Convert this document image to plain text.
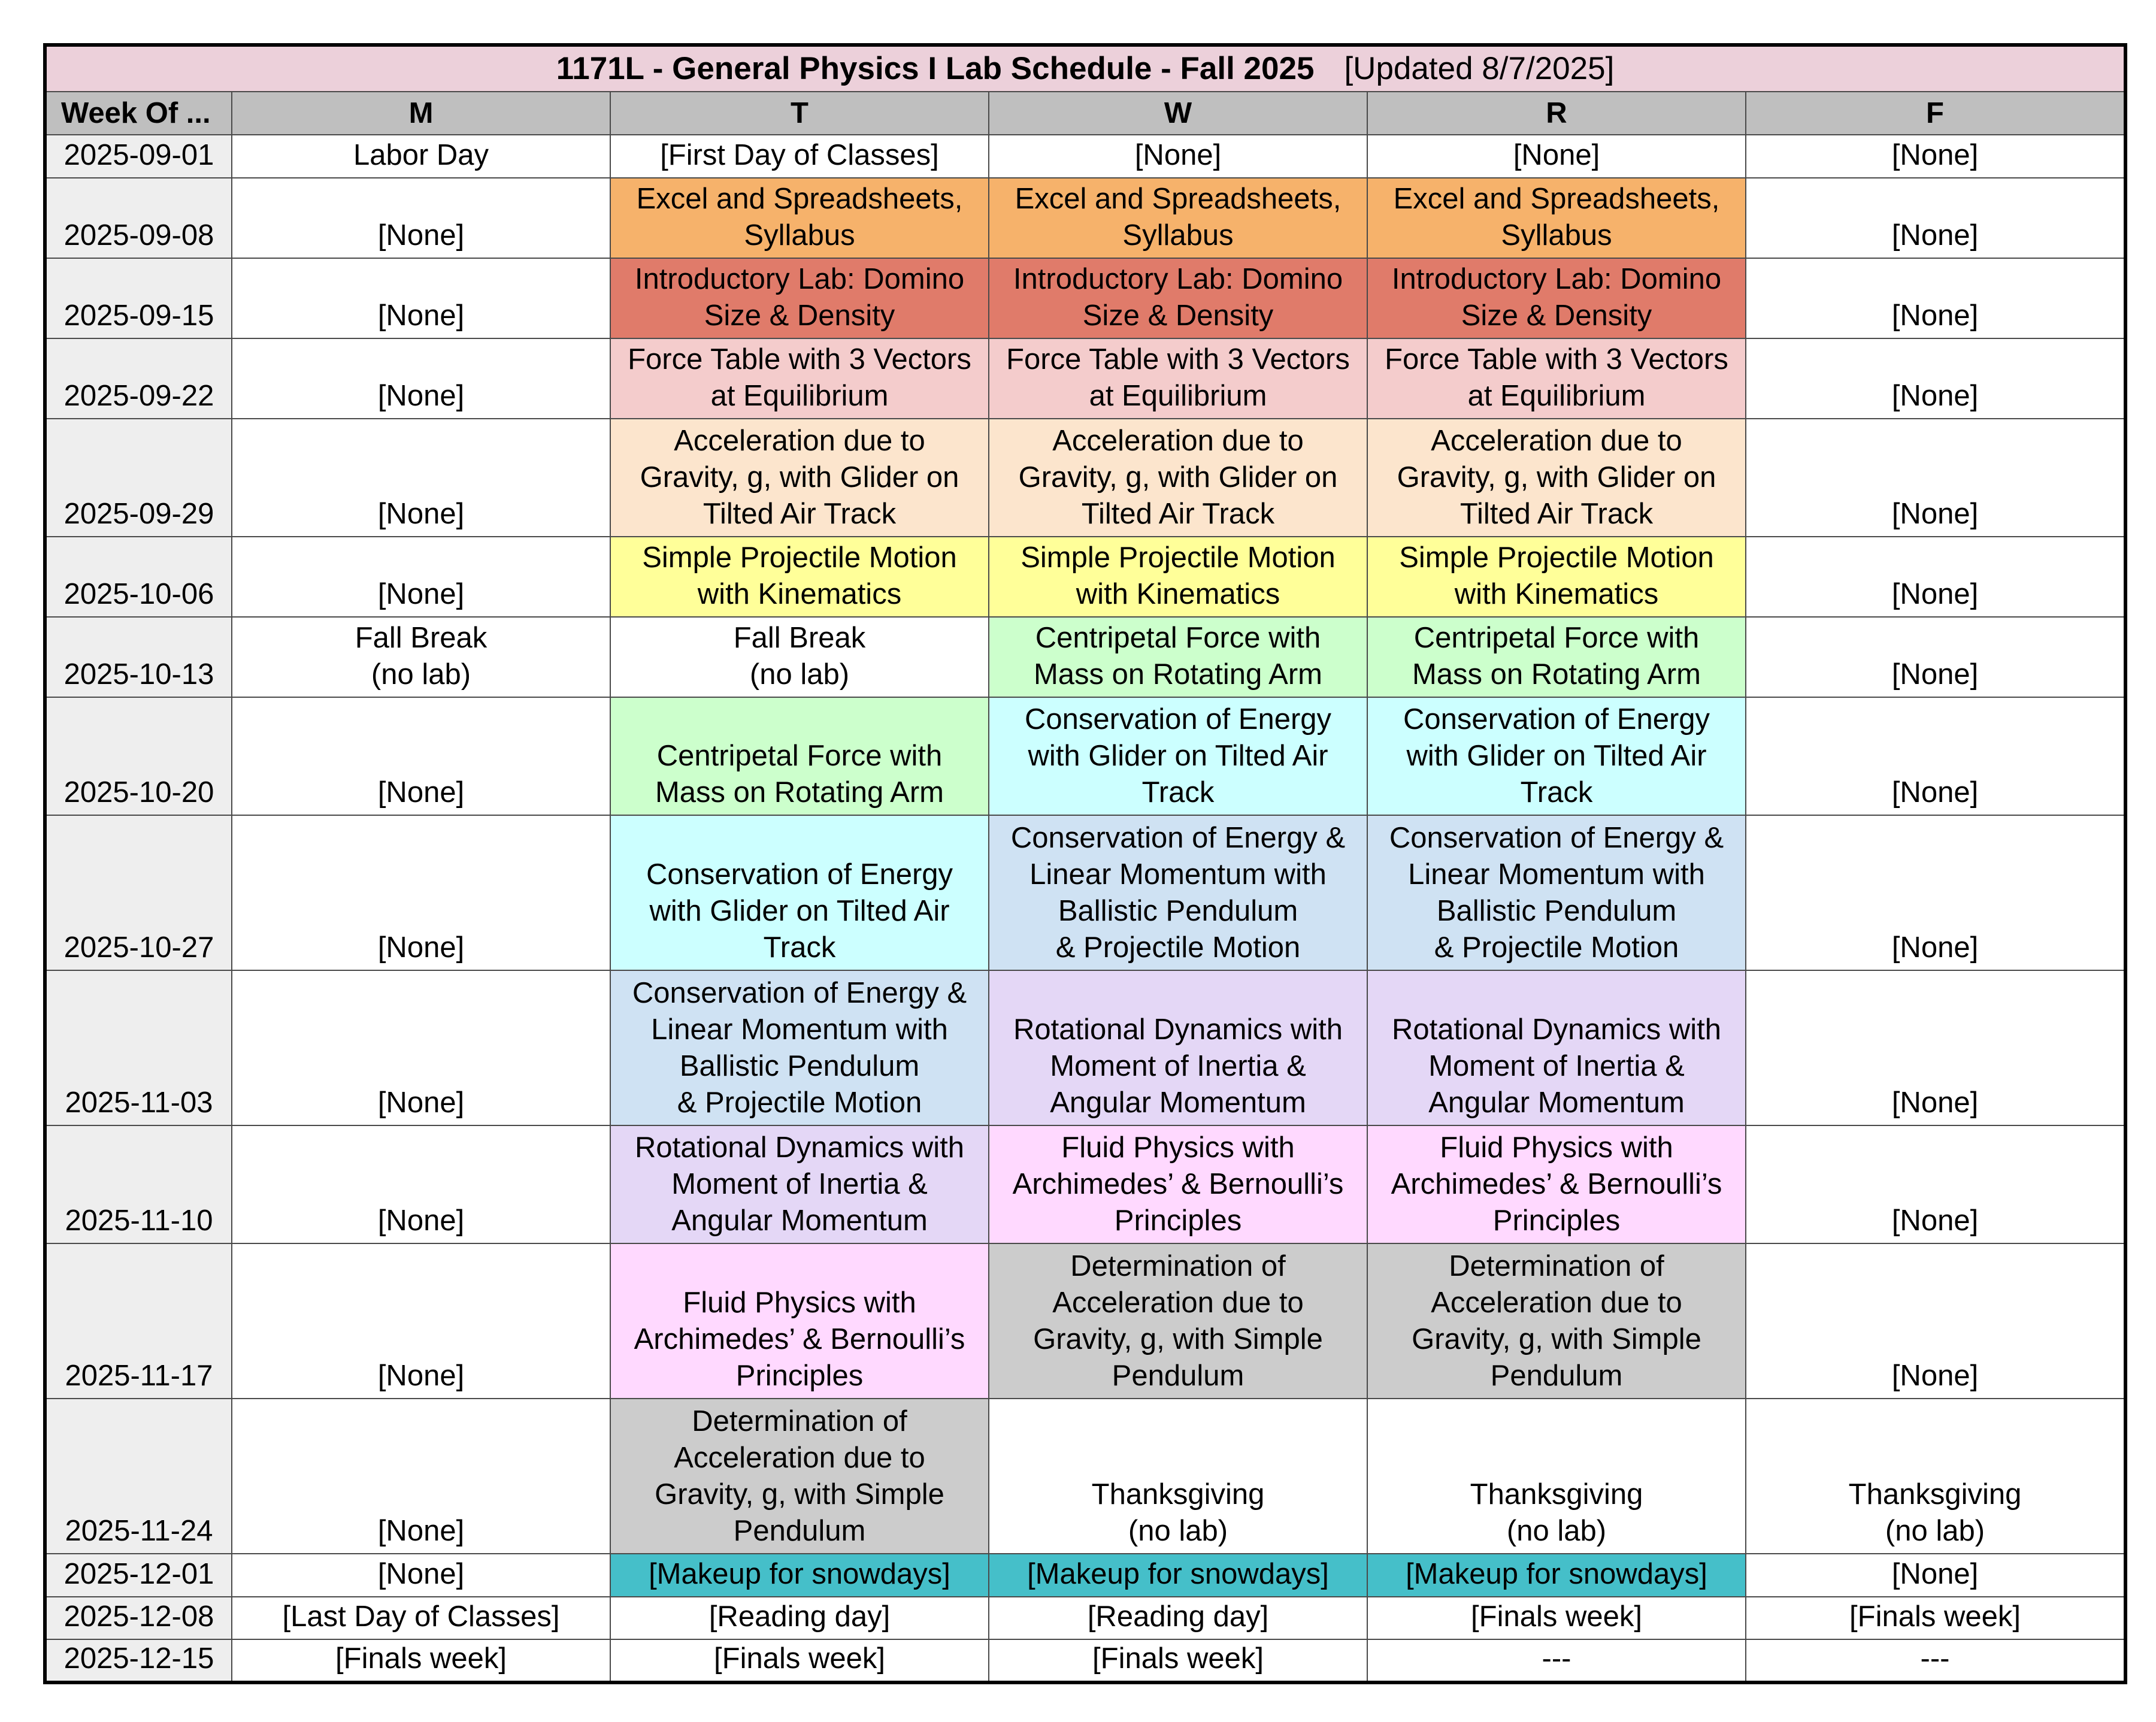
1171L - General Physics I Lab Schedule - Fall 2025 [Updated 8/7/2025]					
Week Of ...	M	T	W	R	F
2025-09-01	Labor Day	[First Day of Classes]	[None]	[None]	[None]

2025-09-08	[None]	Excel and Spreadsheets,
Syllabus	Excel and Spreadsheets,
Syllabus	Excel and Spreadsheets,
Syllabus	[None]

2025-09-15	[None]	Introductory Lab: Domino
Size & Density	Introductory Lab: Domino
Size & Density	Introductory Lab: Domino
Size & Density	[None]

2025-09-22	[None]	Force Table with 3 Vectors
at Equilibrium	Force Table with 3 Vectors
at Equilibrium	Force Table with 3 Vectors
at Equilibrium	[None]

2025-09-29	[None]	Acceleration due to
Gravity, g, with Glider on
Tilted Air Track	Acceleration due to
Gravity, g, with Glider on
Tilted Air Track	Acceleration due to
Gravity, g, with Glider on
Tilted Air Track	[None]

2025-10-06	[None]	Simple Projectile Motion
with Kinematics	Simple Projectile Motion
with Kinematics	Simple Projectile Motion
with Kinematics	[None]

2025-10-13	Fall Break
(no lab)	Fall Break
(no lab)	Centripetal Force with
Mass on Rotating Arm	Centripetal Force with
Mass on Rotating Arm	[None]

2025-10-20	[None]	Centripetal Force with
Mass on Rotating Arm	Conservation of Energy
with Glider on Tilted Air
Track	Conservation of Energy
with Glider on Tilted Air
Track	[None]

2025-10-27	[None]	Conservation of Energy
with Glider on Tilted Air
Track	Conservation of Energy &
Linear Momentum with
Ballistic Pendulum
& Projectile Motion	Conservation of Energy &
Linear Momentum with
Ballistic Pendulum
& Projectile Motion	[None]

2025-11-03	[None]	Conservation of Energy &
Linear Momentum with
Ballistic Pendulum
& Projectile Motion	Rotational Dynamics with
Moment of Inertia &
Angular Momentum	Rotational Dynamics with
Moment of Inertia &
Angular Momentum	[None]

2025-11-10	[None]	Rotational Dynamics with
Moment of Inertia &
Angular Momentum	Fluid Physics with
Archimedes’ & Bernoulli’s
Principles	Fluid Physics with
Archimedes’ & Bernoulli’s
Principles	[None]

2025-11-17	[None]	Fluid Physics with
Archimedes’ & Bernoulli’s
Principles	Determination of
Acceleration due to
Gravity, g, with Simple
Pendulum	Determination of
Acceleration due to
Gravity, g, with Simple
Pendulum	[None]

2025-11-24	[None]	Determination of
Acceleration due to
Gravity, g, with Simple
Pendulum	Thanksgiving
(no lab)	Thanksgiving
(no lab)	Thanksgiving
(no lab)

2025-12-01	[None]	[Makeup for snowdays]	[Makeup for snowdays]	[Makeup for snowdays]	[None]

2025-12-08	[Last Day of Classes]	[Reading day]	[Reading day]	[Finals week]	[Finals week]

2025-12-15	[Finals week]	[Finals week]	[Finals week]	---	---
